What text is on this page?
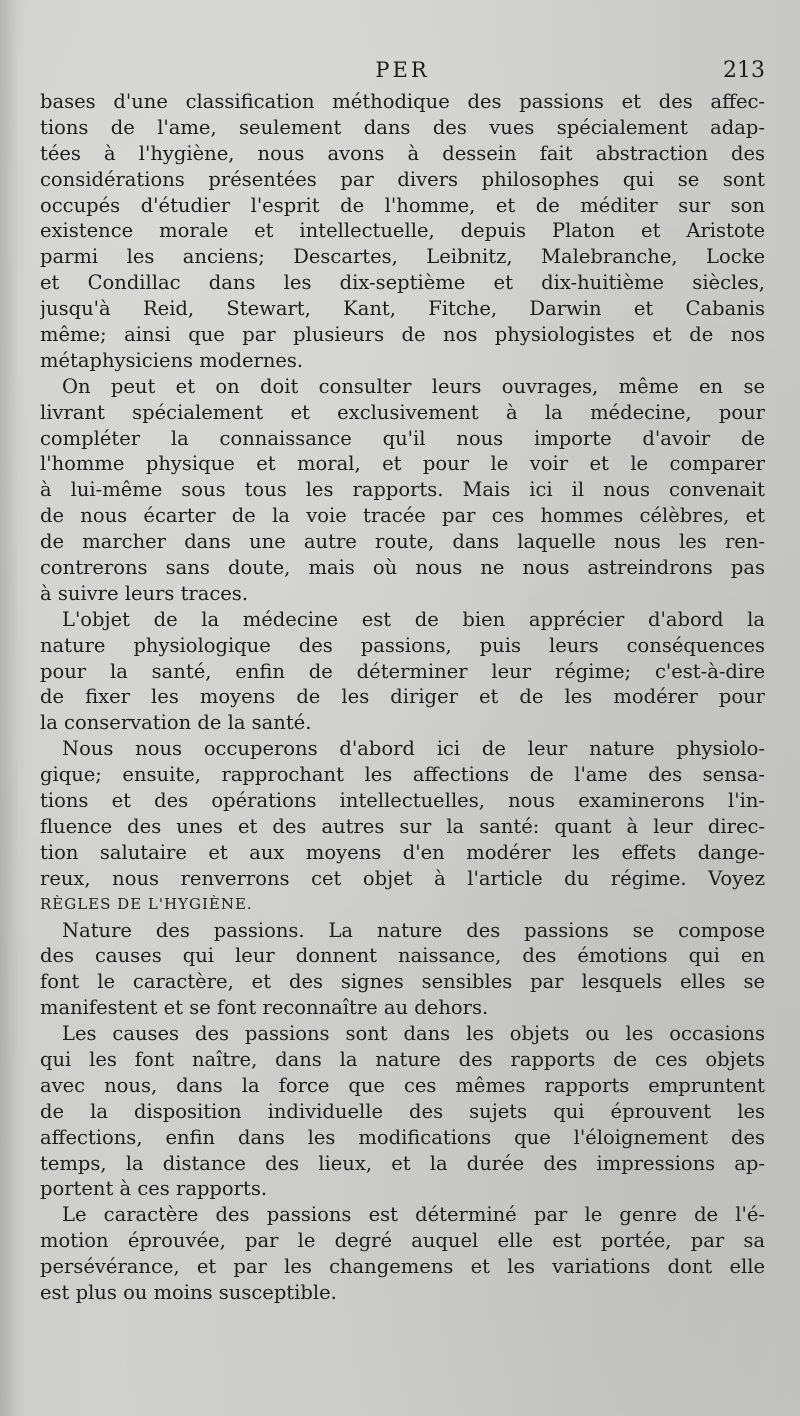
PER	213
bases d'une classification méthodique des passions et des affec-
tions de l'ame, seulement dans des vues spécialement adap-
tées à l'hygiène, nous avons à dessein fait abstraction des
considérations présentées par divers philosophes qui se sont
occupés d'étudier l'esprit de l'homme, et de méditer sur son
existence morale et intellectuelle, depuis Platon et Aristote
parmi les anciens; Descartes, Leibnitz, Malebranche, Locke
et Condillac dans les dix-septième et dix-huitième siècles,
jusqu'à Reid, Stewart, Kant, Fitche, Darwin et Cabanis
même; ainsi que par plusieurs de nos physiologistes et de nos
métaphysiciens modernes.
On peut et on doit consulter leurs ouvrages, même en se
livrant spécialement et exclusivement à la médecine, pour
compléter la connaissance qu'il nous importe d'avoir de
l'homme physique et moral, et pour le voir et le comparer
à lui-même sous tous les rapports. Mais ici il nous convenait
de nous écarter de la voie tracée par ces hommes célèbres, et
de marcher dans une autre route, dans laquelle nous les ren-
contrerons sans doute, mais où nous ne nous astreindrons pas
à suivre leurs traces.
L'objet de la médecine est de bien apprécier d'abord la
nature physiologique des passions, puis leurs conséquences
pour la santé, enfin de déterminer leur régime; c'est-à-dire
de fixer les moyens de les diriger et de les modérer pour
la conservation de la santé.
Nous nous occuperons d'abord ici de leur nature physiolo-
gique; ensuite, rapprochant les affections de l'ame des sensa-
tions et des opérations intellectuelles, nous examinerons l'in-
fluence des unes et des autres sur la santé: quant à leur direc-
tion salutaire et aux moyens d'en modérer les effets dange-
reux, nous renverrons cet objet à l'article du régime. Voyez
RÈGLES DE L'HYGIÈNE.
Nature des passions. La nature des passions se compose
des causes qui leur donnent naissance, des émotions qui en
font le caractère, et des signes sensibles par lesquels elles se
manifestent et se font reconnaître au dehors.
Les causes des passions sont dans les objets ou les occasions
qui les font naître, dans la nature des rapports de ces objets
avec nous, dans la force que ces mêmes rapports empruntent
de la disposition individuelle des sujets qui éprouvent les
affections, enfin dans les modifications que l'éloignement des
temps, la distance des lieux, et la durée des impressions ap-
portent à ces rapports.
Le caractère des passions est déterminé par le genre de l'é-
motion éprouvée, par le degré auquel elle est portée, par sa
persévérance, et par les changemens et les variations dont elle
est plus ou moins susceptible.
